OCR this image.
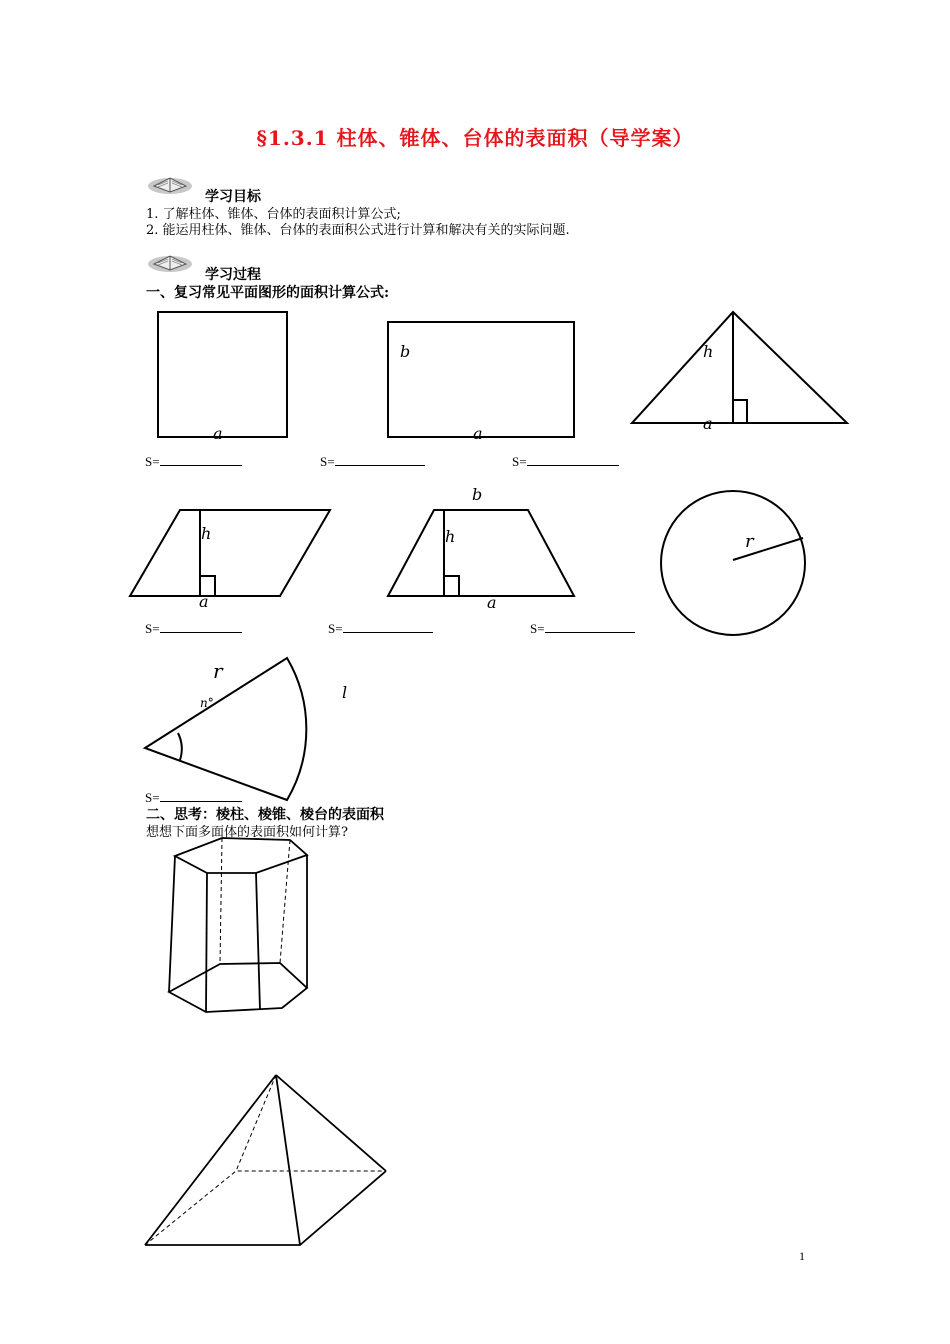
§1.3.1 柱体、锥体、台体的表面积（导学案）
学习目标
1. 了解柱体、锥体、台体的表面积计算公式;
2. 能运用柱体、锥体、台体的表面积公式进行计算和解决有关的实际问题.
学习过程
一、复习常见平面图形的面积计算公式:
a
b
a
h
a
h
a
b
h
a
r
r
n°
l
S=	S=	S=
S=	S=	S=
S=
二、思考：棱柱、棱锥、棱台的表面积
想想下面多面体的表面积如何计算?
1
